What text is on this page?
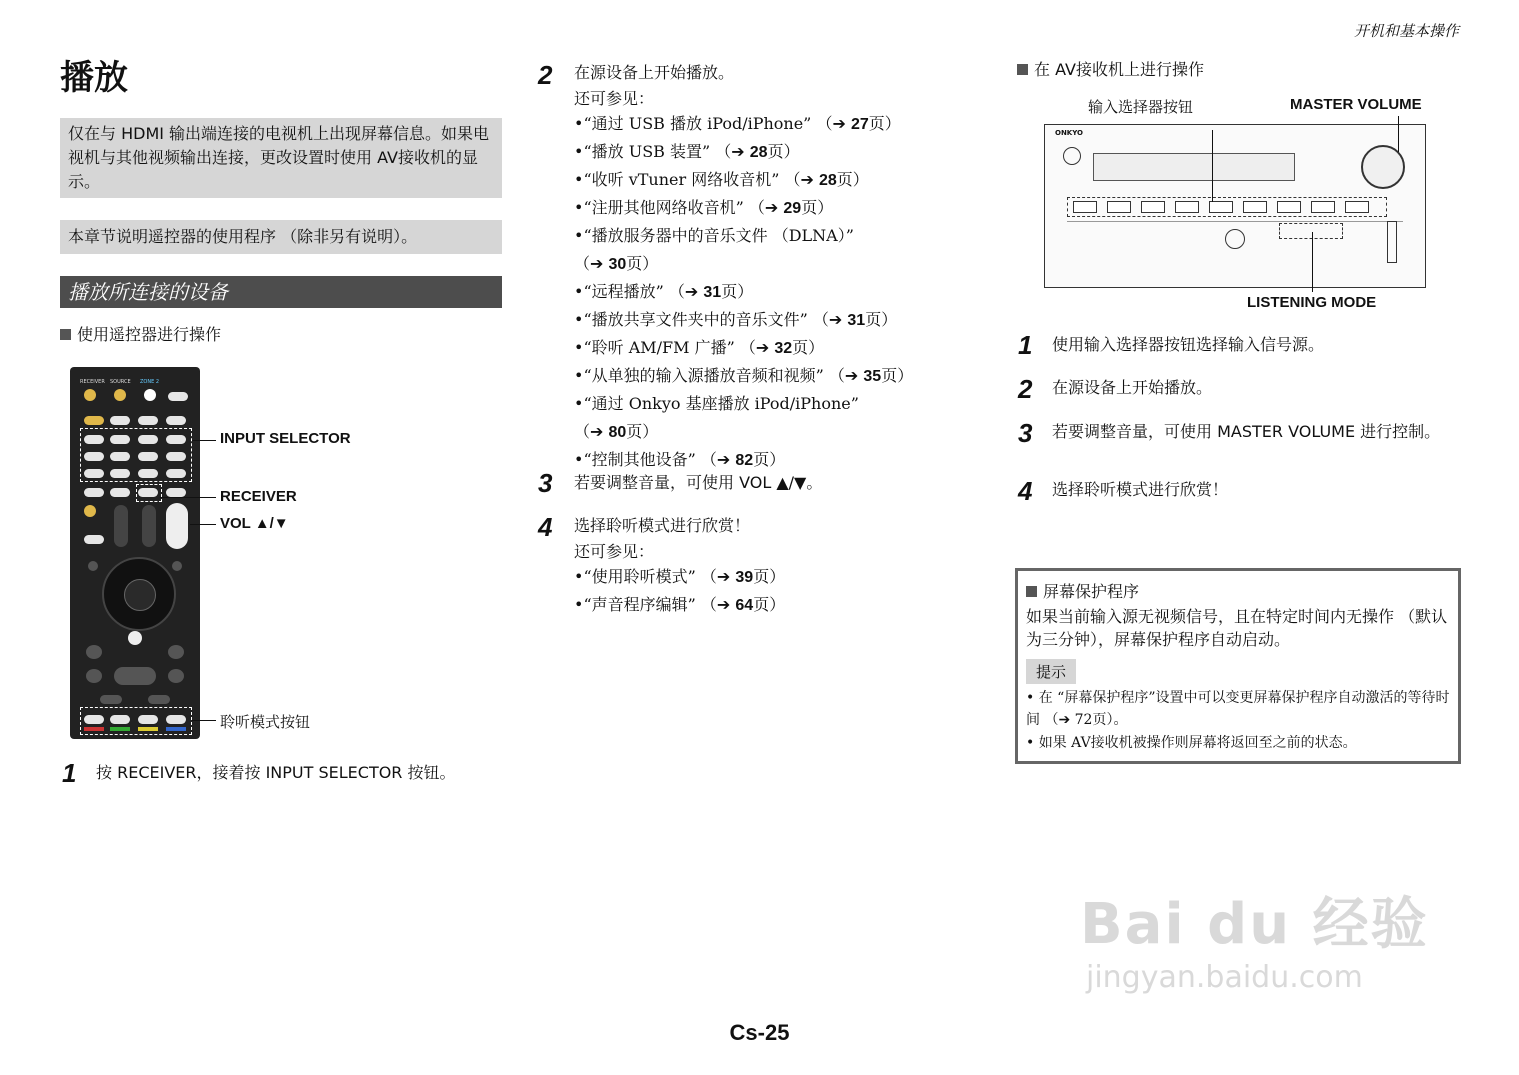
开机和基本操作
播放
仅在与 HDMI 输出端连接的电视机上出现屏幕信息。如果电视机与其他视频输出连接，更改设置时使用 AV接收机的显示。
本章节说明遥控器的使用程序 （除非另有说明）。
播放所连接的设备
使用遥控器进行操作
RECEIVER SOURCE ZONE 2
INPUT SELECTOR
RECEIVER
VOL ▲/▼
聆听模式按钮
1 按 RECEIVER，接着按 INPUT SELECTOR 按钮。
2 在源设备上开始播放。
还可参见：
•“通过 USB 播放 iPod/iPhone” （➔ 27页）
•“播放 USB 装置” （➔ 28页）
•“收听 vTuner 网络收音机” （➔ 28页）
•“注册其他网络收音机” （➔ 29页）
•“播放服务器中的音乐文件 （DLNA）”
（➔ 30页）
•“远程播放” （➔ 31页）
•“播放共享文件夹中的音乐文件” （➔ 31页）
•“聆听 AM/FM 广播” （➔ 32页）
•“从单独的输入源播放音频和视频” （➔ 35页）
•“通过 Onkyo 基座播放 iPod/iPhone”
（➔ 80页）
•“控制其他设备” （➔ 82页）
3 若要调整音量，可使用 VOL ▲/▼。
4 选择聆听模式进行欣赏！
还可参见：
•“使用聆听模式” （➔ 39页）
•“声音程序编辑” （➔ 64页）
在 AV接收机上进行操作
输入选择器按钮	MASTER VOLUME
ONKYO
LISTENING MODE
1 使用输入选择器按钮选择输入信号源。
2 在源设备上开始播放。
3 若要调整音量，可使用 MASTER VOLUME 进行控制。
4 选择聆听模式进行欣赏！
屏幕保护程序
如果当前输入源无视频信号，且在特定时间内无操作 （默认为三分钟），屏幕保护程序自动启动。
提示
• 在 “屏幕保护程序”设置中可以变更屏幕保护程序自动激活的等待时间 （➔ 72页）。
• 如果 AV接收机被操作则屏幕将返回至之前的状态。
Bai du 经验
jingyan.baidu.com
Cs-25
